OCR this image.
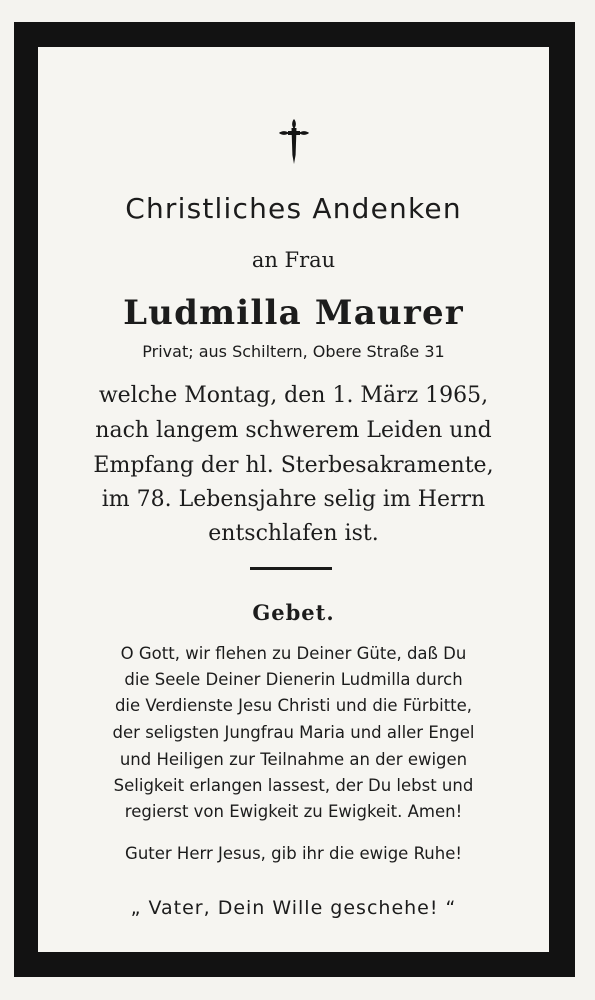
Christliches Andenken
an Frau
Ludmilla Maurer
Privat; aus Schiltern, Obere Straße 31
welche Montag, den 1. März 1965,
nach langem schwerem Leiden und
Empfang der hl. Sterbesakramente,
im 78. Lebensjahre selig im Herrn
entschlafen ist.
Gebet.
O Gott, wir flehen zu Deiner Güte, daß Du
die Seele Deiner Dienerin Ludmilla durch
die Verdienste Jesu Christi und die Fürbitte,
der seligsten Jungfrau Maria und aller Engel
und Heiligen zur Teilnahme an der ewigen
Seligkeit erlangen lassest, der Du lebst und
regierst von Ewigkeit zu Ewigkeit. Amen!
Guter Herr Jesus, gib ihr die ewige Ruhe!
„ Vater, Dein Wille geschehe! “
